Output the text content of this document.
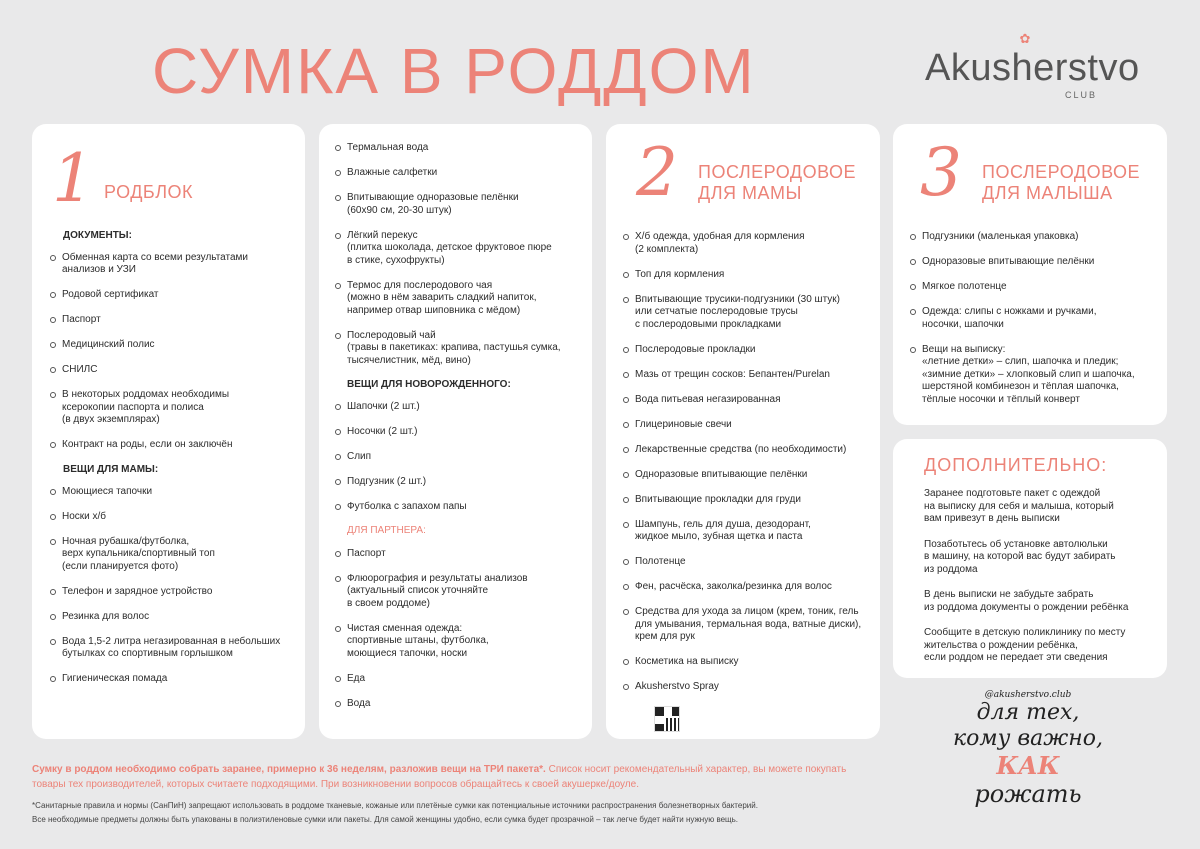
СУМКА В РОДДОМ	✿
Akusherstvo
CLUB
1 РОДБЛОК
ДОКУМЕНТЫ:
Обменная карта со всеми результатами
анализов и УЗИ
Родовой сертификат
Паспорт
Медицинский полис
СНИЛС
В некоторых роддомах необходимы
ксерокопии паспорта и полиса
(в двух экземплярах)
Контракт на роды, если он заключён
ВЕЩИ ДЛЯ МАМЫ:
Моющиеся тапочки
Носки х/б
Ночная рубашка/футболка,
верх купальника/спортивный топ
(если планируется фото)
Телефон и зарядное устройство
Резинка для волос
Вода 1,5-2 литра негазированная в небольших
бутылках со спортивным горлышком
Гигиеническая помада
Термальная вода
Влажные салфетки
Впитывающие одноразовые пелёнки
(60х90 см, 20-30 штук)
Лёгкий перекус
(плитка шоколада, детское фруктовое пюре
в стике, сухофрукты)
Термос для послеродового чая
(можно в нём заварить сладкий напиток,
например отвар шиповника с мёдом)
Послеродовый чай
(травы в пакетиках: крапива, пастушья сумка,
тысячелистник, мёд, вино)
ВЕЩИ ДЛЯ НОВОРОЖДЕННОГО:
Шапочки (2 шт.)
Носочки (2 шт.)
Слип
Подгузник (2 шт.)
Футболка с запахом папы
ДЛЯ ПАРТНЕРА:
Паспорт
Флюорография и результаты анализов
(актуальный список уточняйте
в своем роддоме)
Чистая сменная одежда:
спортивные штаны, футболка,
моющиеся тапочки, носки
Еда
Вода
2 ПОСЛЕРОДОВОЕ
ДЛЯ МАМЫ
Х/б одежда, удобная для кормления
(2 комплекта)
Топ для кормления
Впитывающие трусики-подгузники (30 штук)
или сетчатые послеродовые трусы
с послеродовыми прокладками
Послеродовые прокладки
Мазь от трещин сосков: Бепантен/Purelan
Вода питьевая негазированная
Глицериновые свечи
Лекарственные средства (по необходимости)
Одноразовые впитывающие пелёнки
Впитывающие прокладки для груди
Шампунь, гель для душа, дезодорант,
жидкое мыло, зубная щетка и паста
Полотенце
Фен, расчёска, заколка/резинка для волос
Средства для ухода за лицом (крем, тоник, гель
для умывания, термальная вода, ватные диски),
крем для рук
Косметика на выписку
Akusherstvo Spray
3 ПОСЛЕРОДОВОЕ
ДЛЯ МАЛЫША
Подгузники (маленькая упаковка)
Одноразовые впитывающие пелёнки
Мягкое полотенце
Одежда: слипы с ножками и ручками,
носочки, шапочки
Вещи на выписку:
«летние детки» – слип, шапочка и пледик;
«зимние детки» – хлопковый слип и шапочка,
шерстяной комбинезон и тёплая шапочка,
тёплые носочки и тёплый конверт
ДОПОЛНИТЕЛЬНО:

Заранее подготовьте пакет с одеждой
на выписку для себя и малыша, который
вам привезут в день выписки

Позаботьтесь об установке автолюльки
в машину, на которой вас будут забирать
из роддома

В день выписки не забудьте забрать
из роддома документы о рождении ребёнка

Сообщите в детскую поликлинику по месту
жительства о рождении ребёнка,
если роддом не передает эти сведения

@akusherstvo.club
для тех,
кому важно,
КАК
рожать
Сумку в роддом необходимо собрать заранее, примерно к 36 неделям, разложив вещи на ТРИ пакета*. Список носит рекомендательный характер, вы можете покупать товары тех производителей, которых считаете подходящими. При возникновении вопросов обращайтесь к своей акушерке/доуле.
*Санитарные правила и нормы (СанПиН) запрещают использовать в роддоме тканевые, кожаные или плетёные сумки как потенциальные источники распространения болезнетворных бактерий.
Все необходимые предметы должны быть упакованы в полиэтиленовые сумки или пакеты. Для самой женщины удобно, если сумка будет прозрачной – так легче будет найти нужную вещь.
